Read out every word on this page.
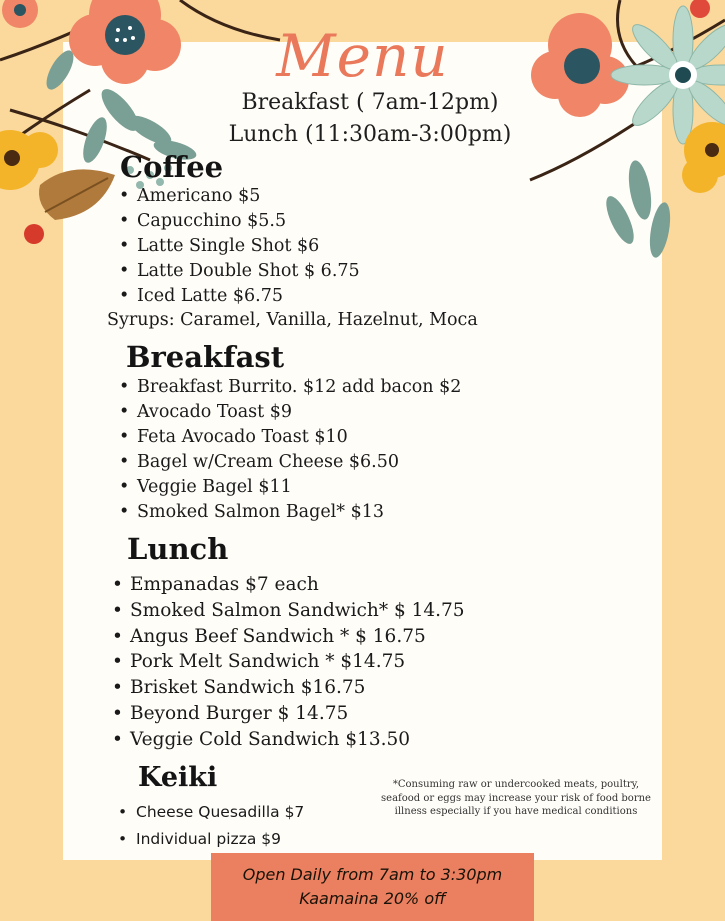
Menu
Breakfast ( 7am-12pm)
Lunch (11:30am-3:00pm)
Coffee
• Americano $5
• Capucchino $5.5
• Latte Single Shot $6
• Latte Double Shot $ 6.75
• Iced Latte $6.75
Syrups: Caramel, Vanilla, Hazelnut, Moca
Breakfast
• Breakfast Burrito. $12 add bacon $2
• Avocado Toast $9
• Feta Avocado Toast $10
• Bagel w/Cream Cheese $6.50
• Veggie Bagel $11
• Smoked Salmon Bagel* $13
Lunch
• Empanadas $7 each
• Smoked Salmon Sandwich* $ 14.75
• Angus Beef Sandwich * $ 16.75
• Pork Melt Sandwich * $14.75
• Brisket Sandwich $16.75
• Beyond Burger $ 14.75
• Veggie Cold Sandwich $13.50
Keiki
• Cheese Quesadilla $7
• Individual pizza $9
*Consuming raw or undercooked meats, poultry,
seafood or eggs may increase your risk of food borne
illness especially if you have medical conditions
Open Daily from 7am to 3:30pm
Kaamaina 20% off
